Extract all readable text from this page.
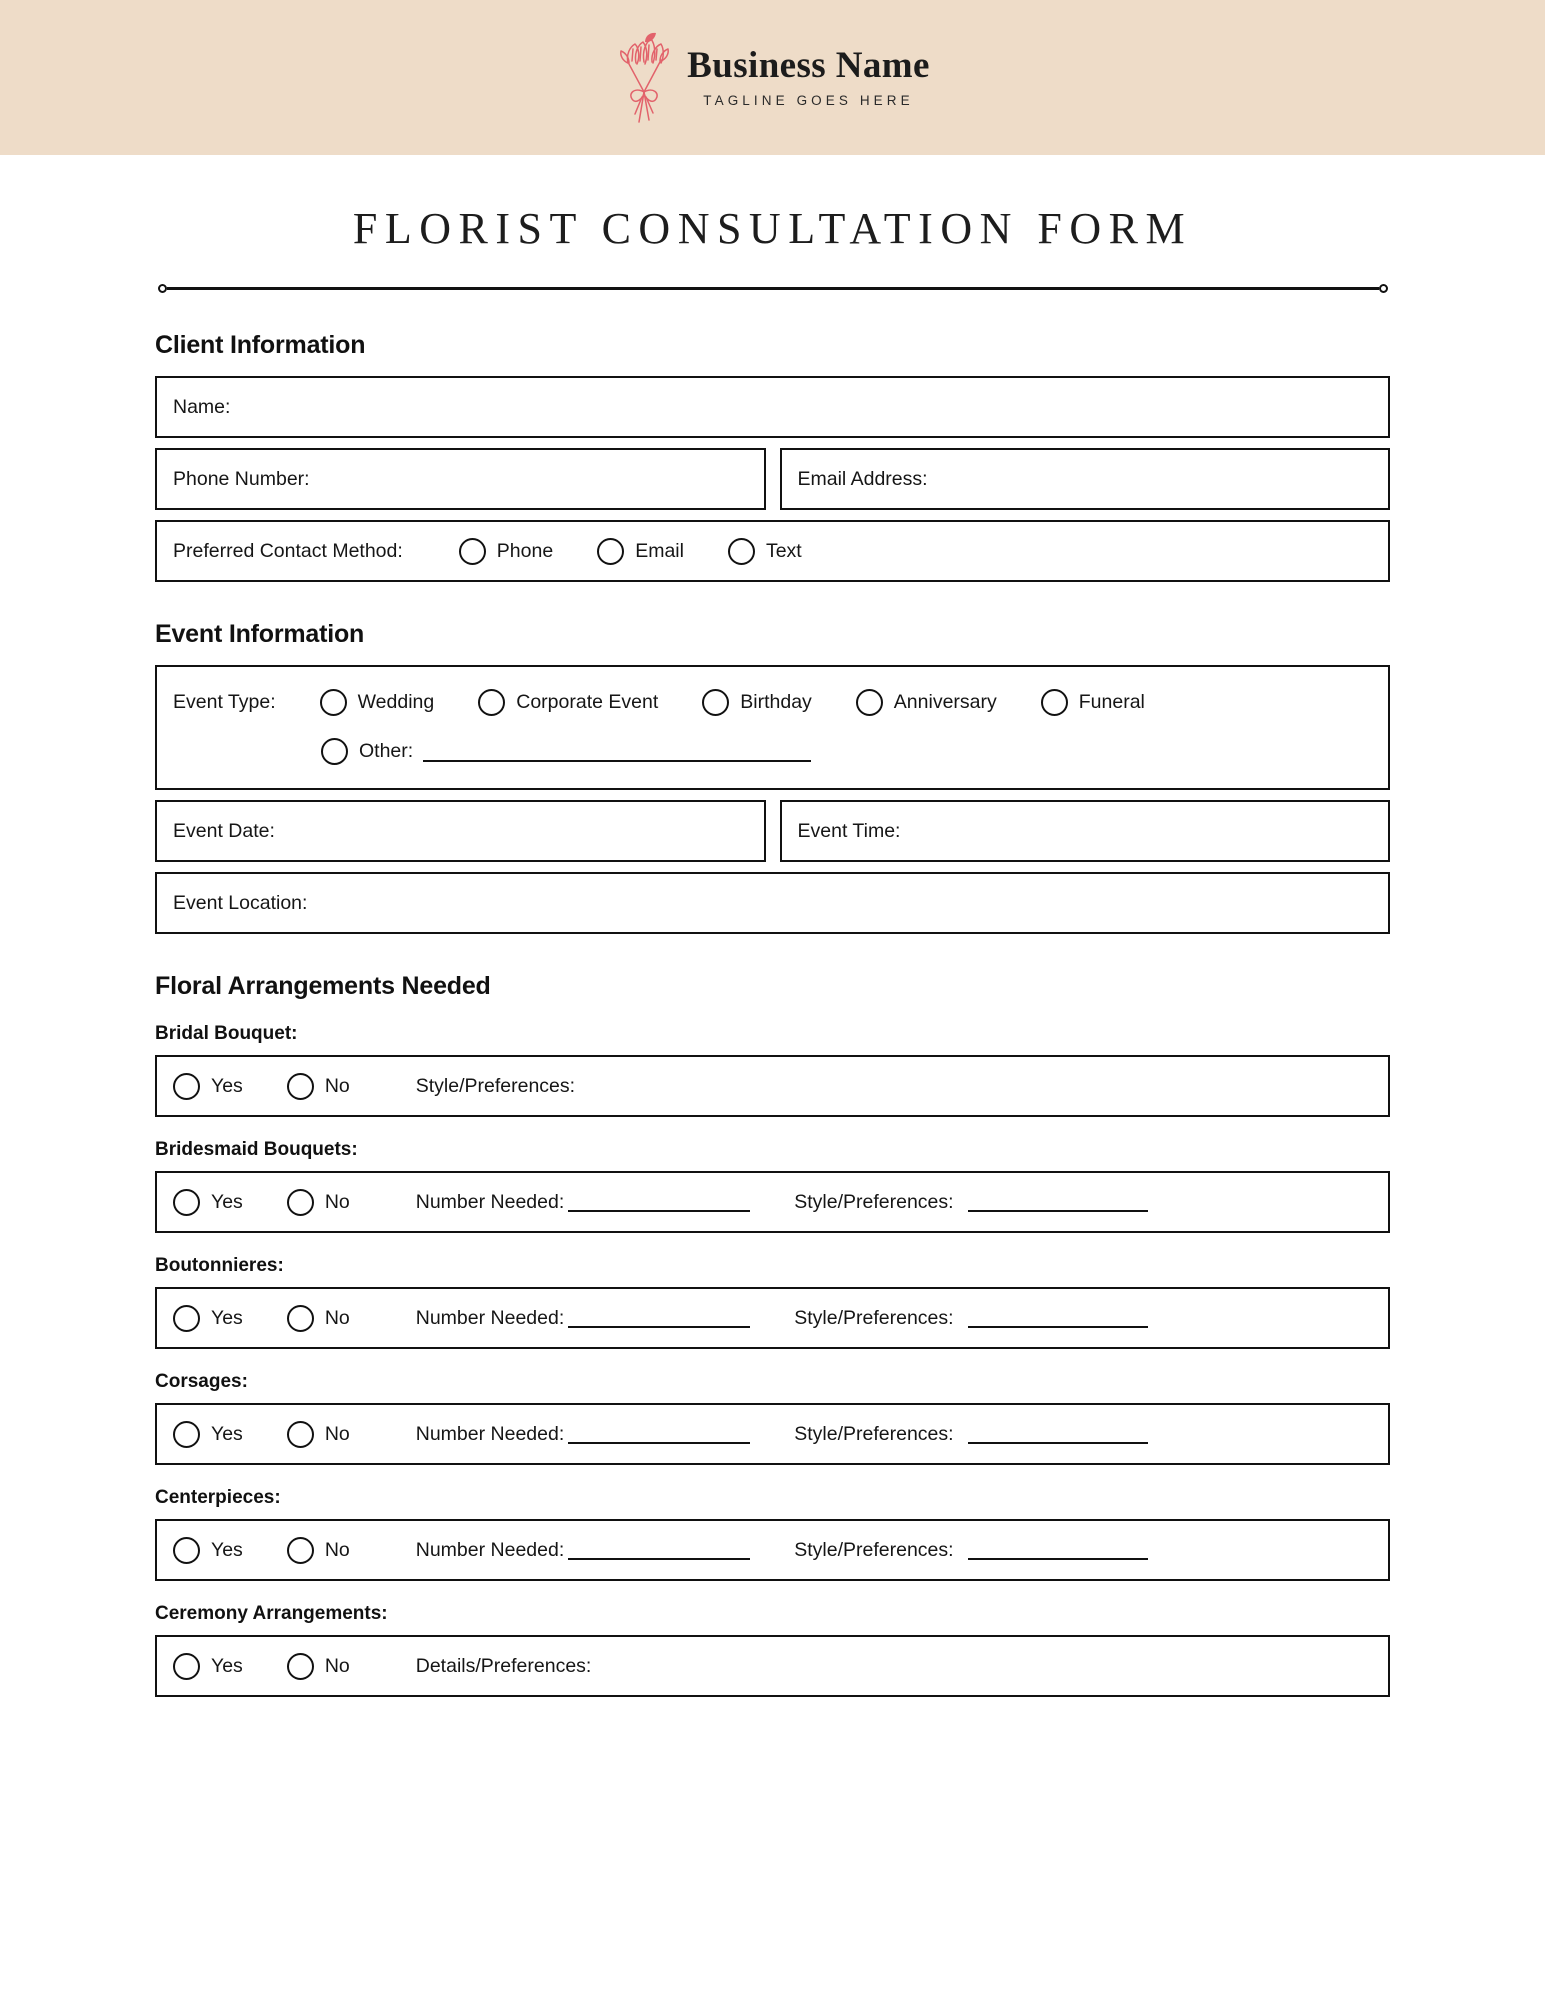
Business Name
TAGLINE GOES HERE
FLORIST CONSULTATION FORM
Client Information
Name:
Phone Number:	Email Address:
Preferred Contact Method:	Phone	Email	Text
Event Information
Event Type:	Wedding	Corporate Event	Birthday	Anniversary	Funeral
Other:
Event Date:	Event Time:
Event Location:
Floral Arrangements Needed
Bridal Bouquet:
Yes	No	Style/Preferences:
Bridesmaid Bouquets:
Yes	No	Number Needed:	Style/Preferences:
Boutonnieres:
Yes	No	Number Needed:	Style/Preferences:
Corsages:
Yes	No	Number Needed:	Style/Preferences:
Centerpieces:
Yes	No	Number Needed:	Style/Preferences:
Ceremony Arrangements:
Yes	No	Details/Preferences:
